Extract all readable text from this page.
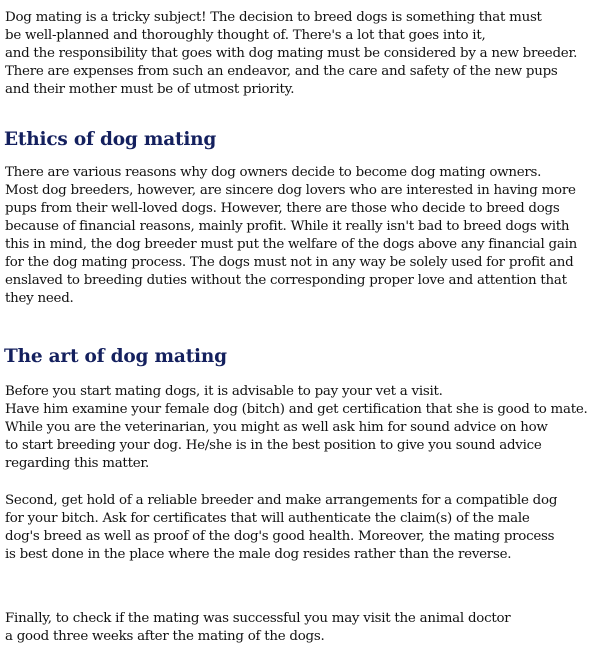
Dog mating is a tricky subject! The decision to breed dogs is something that must
be well-planned and thoroughly thought of. There's a lot that goes into it,
and the responsibility that goes with dog mating must be considered by a new breeder.
There are expenses from such an endeavor, and the care and safety of the new pups
and their mother must be of utmost priority.
Ethics of dog mating
There are various reasons why dog owners decide to become dog mating owners.
Most dog breeders, however, are sincere dog lovers who are interested in having more
pups from their well-loved dogs. However, there are those who decide to breed dogs
because of financial reasons, mainly profit. While it really isn't bad to breed dogs with
this in mind, the dog breeder must put the welfare of the dogs above any financial gain
for the dog mating process. The dogs must not in any way be solely used for profit and
enslaved to breeding duties without the corresponding proper love and attention that
they need.
The art of dog mating
Before you start mating dogs, it is advisable to pay your vet a visit.
Have him examine your female dog (bitch) and get certification that she is good to mate.
While you are the veterinarian, you might as well ask him for sound advice on how
to start breeding your dog. He/she is in the best position to give you sound advice
regarding this matter.
Second, get hold of a reliable breeder and make arrangements for a compatible dog
for your bitch. Ask for certificates that will authenticate the claim(s) of the male
dog's breed as well as proof of the dog's good health. Moreover, the mating process
is best done in the place where the male dog resides rather than the reverse.
Finally, to check if the mating was successful you may visit the animal doctor
a good three weeks after the mating of the dogs.
